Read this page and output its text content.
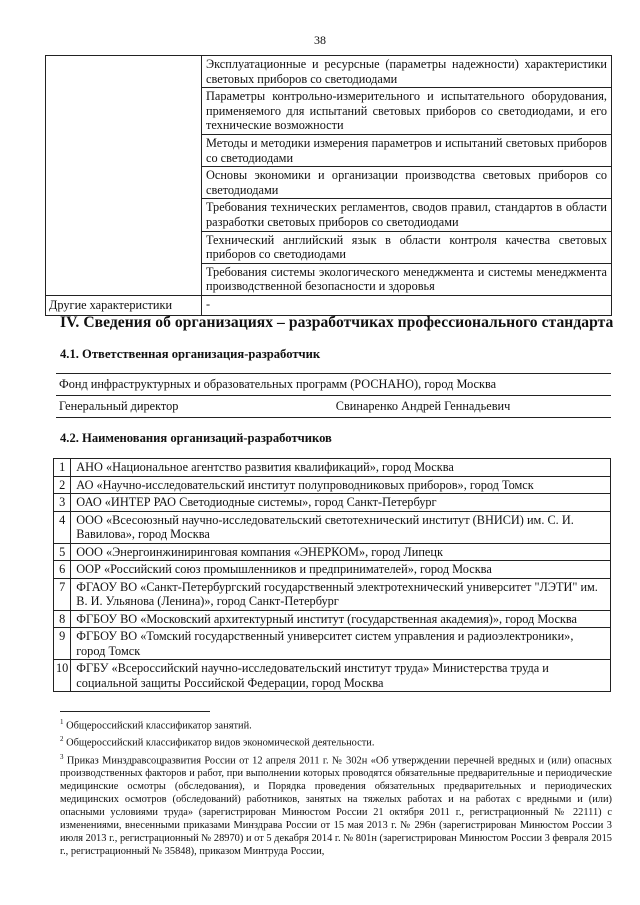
38
	Эксплуатационные и ресурсные (параметры надежности) характеристики световых приборов со светодиодами
	Параметры контрольно-измерительного и испытательного оборудования, применяемого для испытаний световых приборов со светодиодами, и его технические возможности
	Методы и методики измерения параметров и испытаний световых приборов со светодиодами
	Основы экономики и организации производства световых приборов со светодиодами
	Требования технических регламентов, сводов правил, стандартов в области разработки световых приборов со светодиодами
	Технический английский язык в области контроля качества световых приборов со светодиодами
	Требования системы экологического менеджмента и системы менеджмента производственной безопасности и здоровья
Другие характеристики	-
IV. Сведения об организациях – разработчиках профессионального стандарта
4.1. Ответственная организация-разработчик
Фонд инфраструктурных и образовательных программ (РОСНАНО), город Москва
Генеральный директор	Свинаренко Андрей Геннадьевич
4.2. Наименования организаций-разработчиков
1	АНО «Национальное агентство развития квалификаций», город Москва
2	АО «Научно-исследовательский институт полупроводниковых приборов», город Томск
3	ОАО «ИНТЕР РАО Светодиодные системы», город Санкт-Петербург
4	ООО «Всесоюзный научно-исследовательский светотехнический институт (ВНИСИ) им. С. И. Вавилова», город Москва
5	ООО «Энергоинжиниринговая компания «ЭНЕРКОМ», город Липецк
6	ООР «Российский союз промышленников и предпринимателей», город Москва
7	ФГАОУ ВО «Санкт-Петербургский государственный электротехнический университет "ЛЭТИ" им. В. И. Ульянова (Ленина)», город Санкт-Петербург
8	ФГБОУ ВО «Московский архитектурный институт (государственная академия)», город Москва
9	ФГБОУ ВО «Томский государственный университет систем управления и радиоэлектроники», город Томск
10	ФГБУ «Всероссийский научно-исследовательский институт труда» Министерства труда и социальной защиты Российской Федерации, город Москва

$^1$ Общероссийский классификатор занятий.

$^2$ Общероссийский классификатор видов экономической деятельности.

$^3$ Приказ Минздравсоцразвития России от 12 апреля 2011 г. № 302н «Об утверждении перечней вредных и (или) опасных производственных факторов и работ, при выполнении которых проводятся обязательные предварительные и периодические медицинские осмотры (обследования), и Порядка проведения обязательных предварительных и периодических медицинских осмотров (обследований) работников, занятых на тяжелых работах и на работах с вредными и (или) опасными условиями труда» (зарегистрирован Минюстом России 21 октября 2011 г., регистрационный № 22111) с изменениями, внесенными приказами Минздрава России от 15 мая 2013 г. № 296н (зарегистрирован Минюстом России 3 июля 2013 г., регистрационный № 28970) и от 5 декабря 2014 г. № 801н (зарегистрирован Минюстом России 3 февраля 2015 г., регистрационный № 35848), приказом Минтруда России,
